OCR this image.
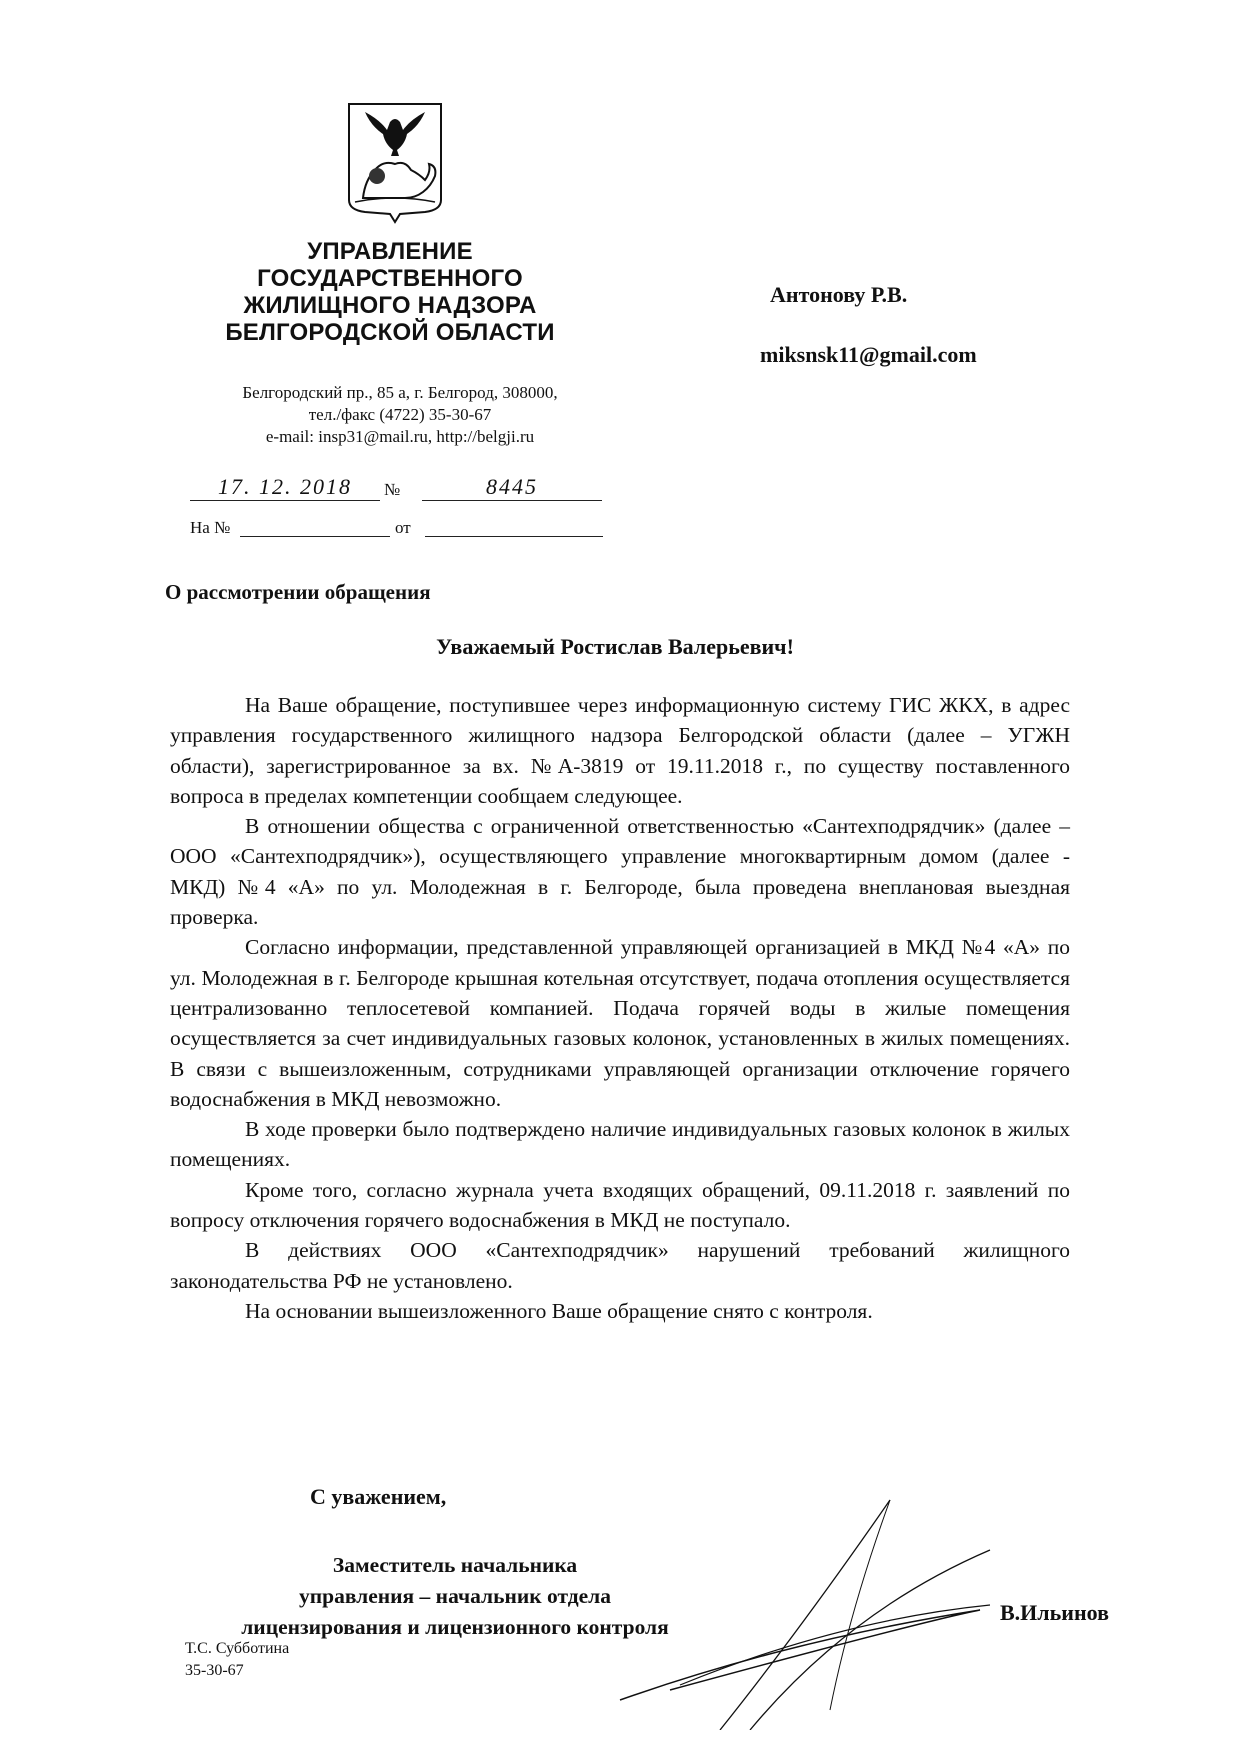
УПРАВЛЕНИЕ
ГОСУДАРСТВЕННОГО
ЖИЛИЩНОГО НАДЗОРА
БЕЛГОРОДСКОЙ ОБЛАСТИ
Белгородский пр., 85 а, г. Белгород, 308000,
тел./факс (4722) 35-30-67
e-mail: insp31@mail.ru, http://belgji.ru
17. 12. 2018	№	8445
На №	от
Антонову Р.В.
miksnsk11@gmail.com
О рассмотрении обращения
Уважаемый Ростислав Валерьевич!

На Ваше обращение, поступившее через информационную систему ГИС ЖКХ, в адрес управления государственного жилищного надзора Белгородской области (далее – УГЖН области), зарегистрированное за вх. №А-3819 от 19.11.2018 г., по существу поставленного вопроса в пределах компетенции сообщаем следующее.

В отношении общества с ограниченной ответственностью «Сантехподрядчик» (далее – ООО «Сантехподрядчик»), осуществляющего управление многоквартирным домом (далее - МКД) №4 «А» по ул. Молодежная в г. Белгороде, была проведена внеплановая выездная проверка.

Согласно информации, представленной управляющей организацией в МКД №4 «А» по ул. Молодежная в г. Белгороде крышная котельная отсутствует, подача отопления осуществляется централизованно теплосетевой компанией. Подача горячей воды в жилые помещения осуществляется за счет индивидуальных газовых колонок, установленных в жилых помещениях. В связи с вышеизложенным, сотрудниками управляющей организации отключение горячего водоснабжения в МКД невозможно.

В ходе проверки было подтверждено наличие индивидуальных газовых колонок в жилых помещениях.

Кроме того, согласно журнала учета входящих обращений, 09.11.2018 г. заявлений по вопросу отключения горячего водоснабжения в МКД не поступало.

В действиях ООО «Сантехподрядчик» нарушений требований жилищного законодательства РФ не установлено.

На основании вышеизложенного Ваше обращение снято с контроля.

С уважением,
Заместитель начальника
управления – начальник отдела
лицензирования и лицензионного контроля
В.Ильинов
Т.С. Субботина
35-30-67
